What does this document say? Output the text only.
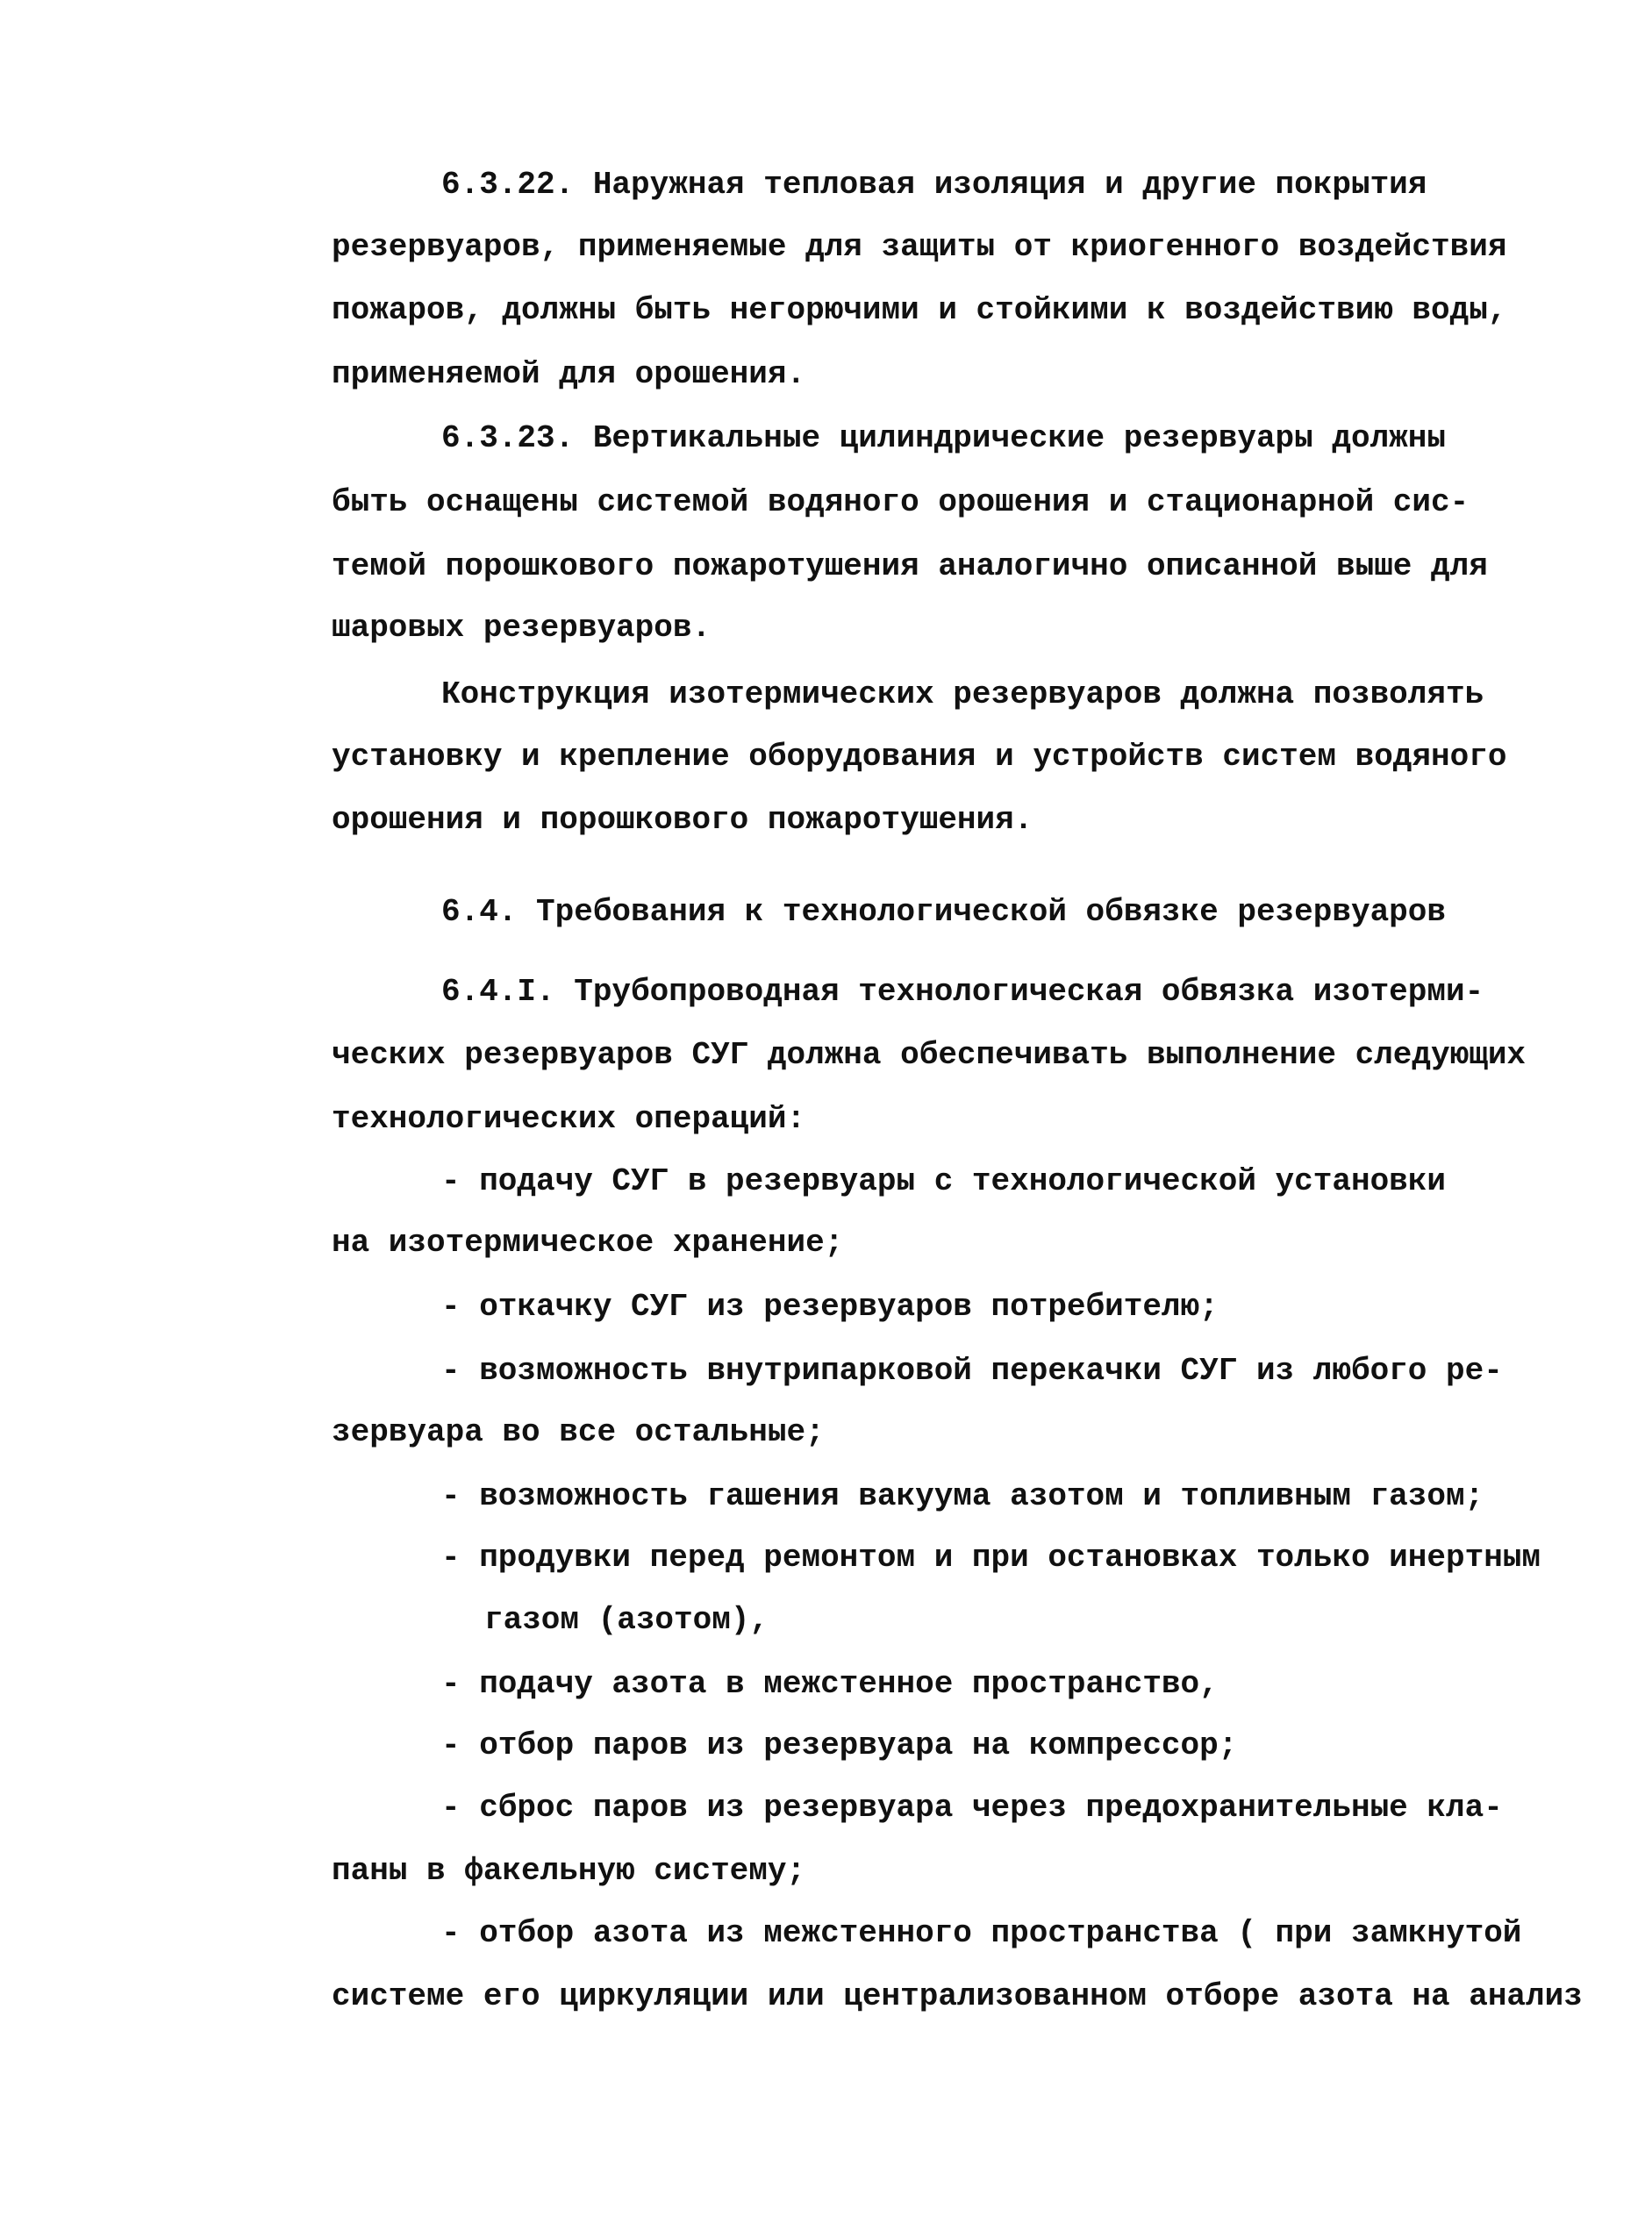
6.3.22. Наружная тепловая изоляция и другие покрытия
резервуаров, применяемые для защиты от криогенного воздействия
пожаров, должны быть негорючими и стойкими к воздействию воды,
применяемой для орошения.
6.3.23. Вертикальные цилиндрические резервуары должны
быть оснащены системой водяного орошения и стационарной сис-
темой порошкового пожаротушения аналогично описанной выше для
шаровых резервуаров.
Конструкция изотермических резервуаров должна позволять
установку и крепление оборудования и устройств систем водяного
орошения и порошкового пожаротушения.
6.4. Требования к технологической обвязке резервуаров
6.4.I. Трубопроводная технологическая обвязка изотерми-
ческих резервуаров СУГ должна обеспечивать выполнение следующих
технологических операций:
- подачу СУГ в резервуары с технологической установки
на изотермическое хранение;
- откачку СУГ из резервуаров потребителю;
- возможность внутрипарковой перекачки СУГ из любого ре-
зервуара во все остальные;
- возможность гашения вакуума азотом и топливным газом;
- продувки перед ремонтом и при остановках только инертным
газом (азотом),
- подачу азота в межстенное пространство,
- отбор паров из резервуара на компрессор;
- сброс паров из резервуара через предохранительные кла-
паны в факельную систему;
- отбор азота из межстенного пространства ( при замкнутой
системе его циркуляции или централизованном отборе азота на анализ
